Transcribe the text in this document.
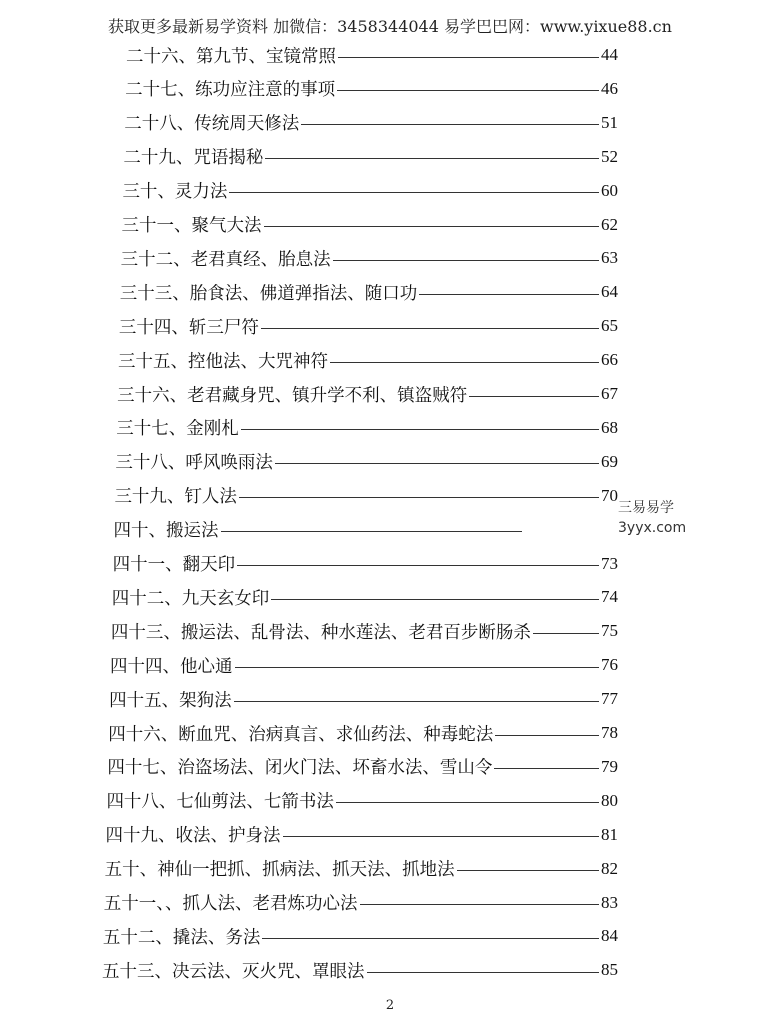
获取更多最新易学资料 加微信：3458344044 易学巴巴网：www.yixue88.cn
二十六、第九节、宝镜常照	44
二十七、练功应注意的事项	46
二十八、传统周天修法	51
二十九、咒语揭秘	52
三十、灵力法	60
三十一、聚气大法	62
三十二、老君真经、胎息法	63
三十三、胎食法、佛道弹指法、随口功	64
三十四、斩三尸符	65
三十五、控他法、大咒神符	66
三十六、老君藏身咒、镇升学不利、镇盗贼符	67
三十七、金刚札	68
三十八、呼风唤雨法	69
三十九、钉人法	70
四十、搬运法
四十一、翻天印	73
四十二、九天玄女印	74
四十三、搬运法、乱骨法、种水莲法、老君百步断肠杀	75
四十四、他心通	76
四十五、架狗法	77
四十六、断血咒、治病真言、求仙药法、种毒蛇法	78
四十七、治盗场法、闭火门法、坏畜水法、雪山令	79
四十八、七仙剪法、七箭书法	80
四十九、收法、护身法	81
五十、神仙一把抓、抓病法、抓天法、抓地法	82
五十一、、抓人法、老君炼功心法	83
五十二、撬法、务法	84
五十三、决云法、灭火咒、罩眼法	85
三易易学
3yyx.com
2
